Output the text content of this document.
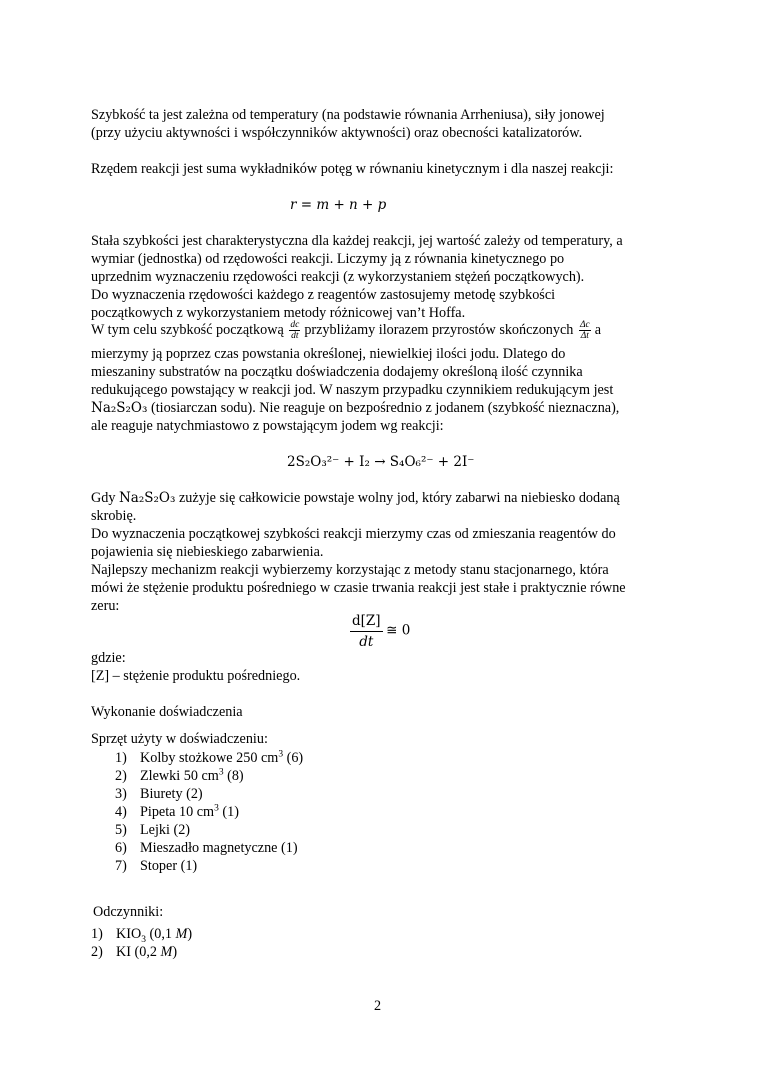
Szybkość ta jest zależna od temperatury (na podstawie równania Arrheniusa), siły jonowej
(przy użyciu aktywności i współczynników aktywności) oraz obecności katalizatorów.
Rzędem reakcji jest suma wykładników potęg w równaniu kinetycznym i dla naszej reakcji:
r = m + n + p
Stała szybkości jest charakterystyczna dla każdej reakcji, jej wartość zależy od temperatury, a
wymiar (jednostka) od rzędowości reakcji. Liczymy ją z równania kinetycznego po
uprzednim wyznaczeniu rzędowości reakcji (z wykorzystaniem stężeń początkowych).
Do wyznaczenia rzędowości każdego z reagentów zastosujemy metodę szybkości
początkowych z wykorzystaniem metody różnicowej van’t Hoffa.
W tym celu szybkość początkową $\frac{dc}{dt}$ przybliżamy ilorazem przyrostów skończonych $\frac{\Delta c}{\Delta t}$ a
mierzymy ją poprzez czas powstania określonej, niewielkiej ilości jodu. Dlatego do
mieszaniny substratów na początku doświadczenia dodajemy określoną ilość czynnika
redukującego powstający w reakcji jod. W naszym przypadku czynnikiem redukującym jest
Na₂S₂O₃ (tiosiarczan sodu). Nie reaguje on bezpośrednio z jodanem (szybkość nieznaczna),
ale reaguje natychmiastowo z powstającym jodem wg reakcji:
2S₂O₃²⁻ + I₂ → S₄O₆²⁻ + 2I⁻
Gdy Na₂S₂O₃ zużyje się całkowicie powstaje wolny jod, który zabarwi na niebiesko dodaną
skrobię.
Do wyznaczenia początkowej szybkości reakcji mierzymy czas od zmieszania reagentów do
pojawienia się niebieskiego zabarwienia.
Najlepszy mechanizm reakcji wybierzemy korzystając z metody stanu stacjonarnego, która
mówi że stężenie produktu pośredniego w czasie trwania reakcji jest stałe i praktycznie równe
zeru:
$\frac{d[Z]}{dt}$ ≅ 0
gdzie:
[Z] – stężenie produktu pośredniego.
Wykonanie doświadczenia
Sprzęt użyty w doświadczeniu:
1) Kolby stożkowe 250 $cm^3$ (6)
2) Zlewki 50 $cm^3$ (8)
3) Biurety (2)
4) Pipeta 10 $cm^3$ (1)
5) Lejki (2)
6) Mieszadło magnetyczne (1)
7) Stoper (1)
Odczynniki:
1) $KIO_3$ (0,1 M)
2) KI (0,2 M)
2
